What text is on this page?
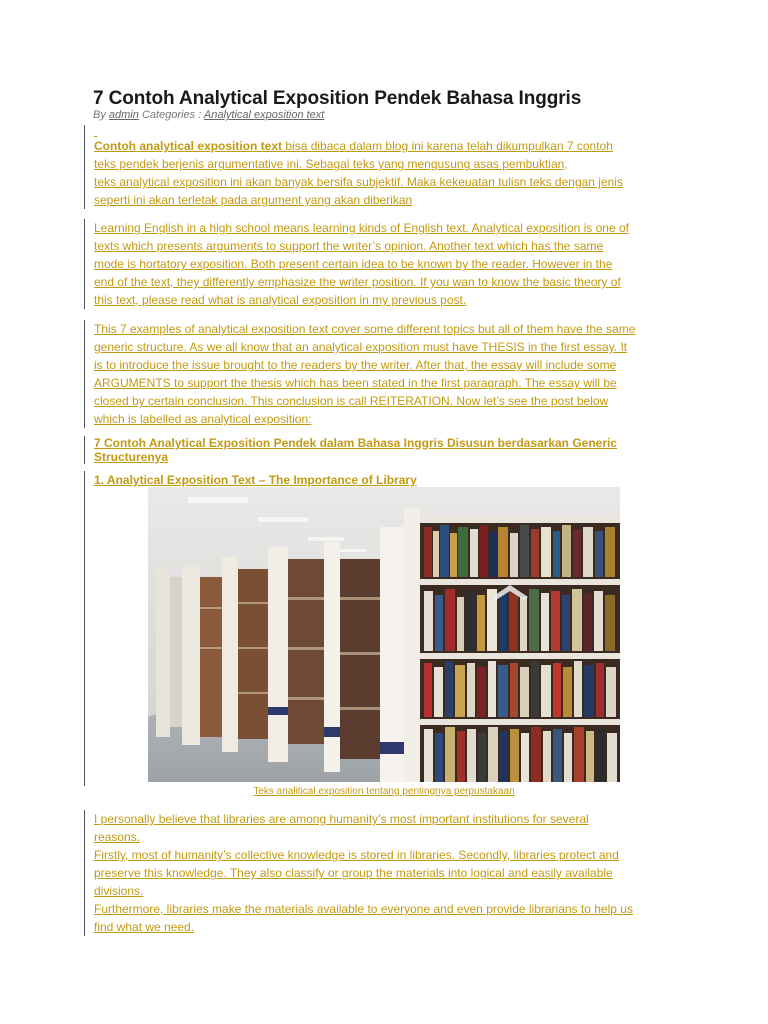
7 Contoh Analytical Exposition Pendek Bahasa Inggris
By admin Categories : Analytical exposition text

Contoh analytical exposition text bisa dibaca dalam blog ini karena telah dikumpulkan 7 contoh
teks pendek berjenis argumentative ini. Sebagai teks yang mengusung asas pembuktian,
teks analytical exposition ini akan banyak bersifa subjektif. Maka kekeuatan tulisn teks dengan jenis
seperti ini akan terletak pada argument yang akan diberikan
Learning English in a high school means learning kinds of English text. Analytical exposition is one of
texts which presents arguments to support the writer’s opinion. Another text which has the same
mode is hortatory exposition. Both present certain idea to be known by the reader. However in the
end of the text, they differently emphasize the writer position. If you wan to know the basic theory of
this text, please read what is analytical exposition in my previous post.
This 7 examples of analytical exposition text cover some different topics but all of them have the same
generic structure. As we all know that an analytical exposition must have THESIS in the first essay. It
is to introduce the issue brought to the readers by the writer. After that, the essay will include some
ARGUMENTS to support the thesis which has been stated in the first paragraph. The essay will be
closed by certain conclusion. This conclusion is call REITERATION. Now let’s see the post below
which is labelled as analytical exposition:
7 Contoh Analytical Exposition Pendek dalam Bahasa Inggris Disusun berdasarkan Generic
Structurenya
1. Analytical Exposition Text – The Importance of Library
Teks analitical exposition tentang pentingnya perpustakaan
I personally believe that libraries are among humanity’s most important institutions for several
reasons.
Firstly, most of humanity’s collective knowledge is stored in libraries. Secondly, libraries protect and
preserve this knowledge. They also classify or group the materials into logical and easily available
divisions.
Furthermore, libraries make the materials available to everyone and even provide librarians to help us
find what we need.
